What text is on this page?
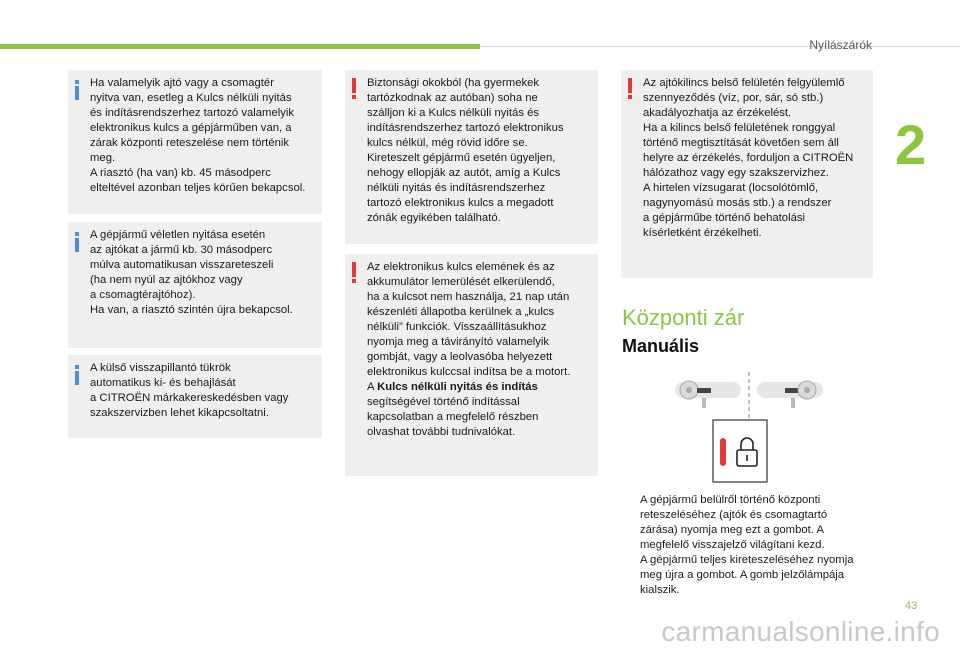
Nyílászárók
2

Ha valamelyik ajtó vagy a csomagtér
nyitva van, esetleg a Kulcs nélküli nyitás
és indításrendszerhez tartozó valamelyik
elektronikus kulcs a gépjárműben van, a
zárak központi reteszelése nem történik
meg.
A riasztó (ha van) kb. 45 másodperc
elteltével azonban teljes körűen bekapcsol.

A gépjármű véletlen nyitása esetén
az ajtókat a jármű kb. 30 másodperc
múlva automatikusan visszareteszeli
(ha nem nyúl az ajtókhoz vagy
a csomagtérajtóhoz).
Ha van, a riasztó szintén újra bekapcsol.

A külső visszapillantó tükrök
automatikus ki- és behajlását
a CITROËN márkakereskedésben vagy
szakszervizben lehet kikapcsoltatni.

Biztonsági okokból (ha gyermekek
tartózkodnak az autóban) soha ne
szálljon ki a Kulcs nélküli nyitás és
indításrendszerhez tartozó elektronikus
kulcs nélkül, még rövid időre se.
Kireteszelt gépjármű esetén ügyeljen,
nehogy ellopják az autót, amíg a Kulcs
nélküli nyitás és indításrendszerhez
tartozó elektronikus kulcs a megadott
zónák egyikében található.

Az elektronikus kulcs elemének és az
akkumulátor lemerülését elkerülendő,
ha a kulcsot nem használja, 21 nap után
készenléti állapotba kerülnek a „kulcs
nélküli” funkciók. Visszaállításukhoz
nyomja meg a távirányító valamelyik
gombját, vagy a leolvasóba helyezett
elektronikus kulccsal indítsa be a motort.
A Kulcs nélküli nyitás és indítás
segítségével történő indítással
kapcsolatban a megfelelő részben
olvashat további tudnivalókat.

Az ajtókilincs belső felületén felgyülemlő
szennyeződés (víz, por, sár, só stb.)
akadályozhatja az érzékelést.
Ha a kilincs belső felületének ronggyal
történő megtisztítását követően sem áll
helyre az érzékelés, forduljon a CITROËN
hálózathoz vagy egy szakszervizhez.
A hirtelen vízsugarat (locsolótömlő,
nagynyomású mosás stb.) a rendszer
a gépjárműbe történő behatolási
kísérletként érzékelheti.

Központi zár
Manuális

A gépjármű belülről történő központi
reteszeléséhez (ajtók és csomagtartó
zárása) nyomja meg ezt a gombot. A
megfelelő visszajelző világítani kezd.

A gépjármű teljes kireteszeléséhez nyomja
meg újra a gombot. A gomb jelzőlámpája
kialszik.

43
carmanualsonline.info
